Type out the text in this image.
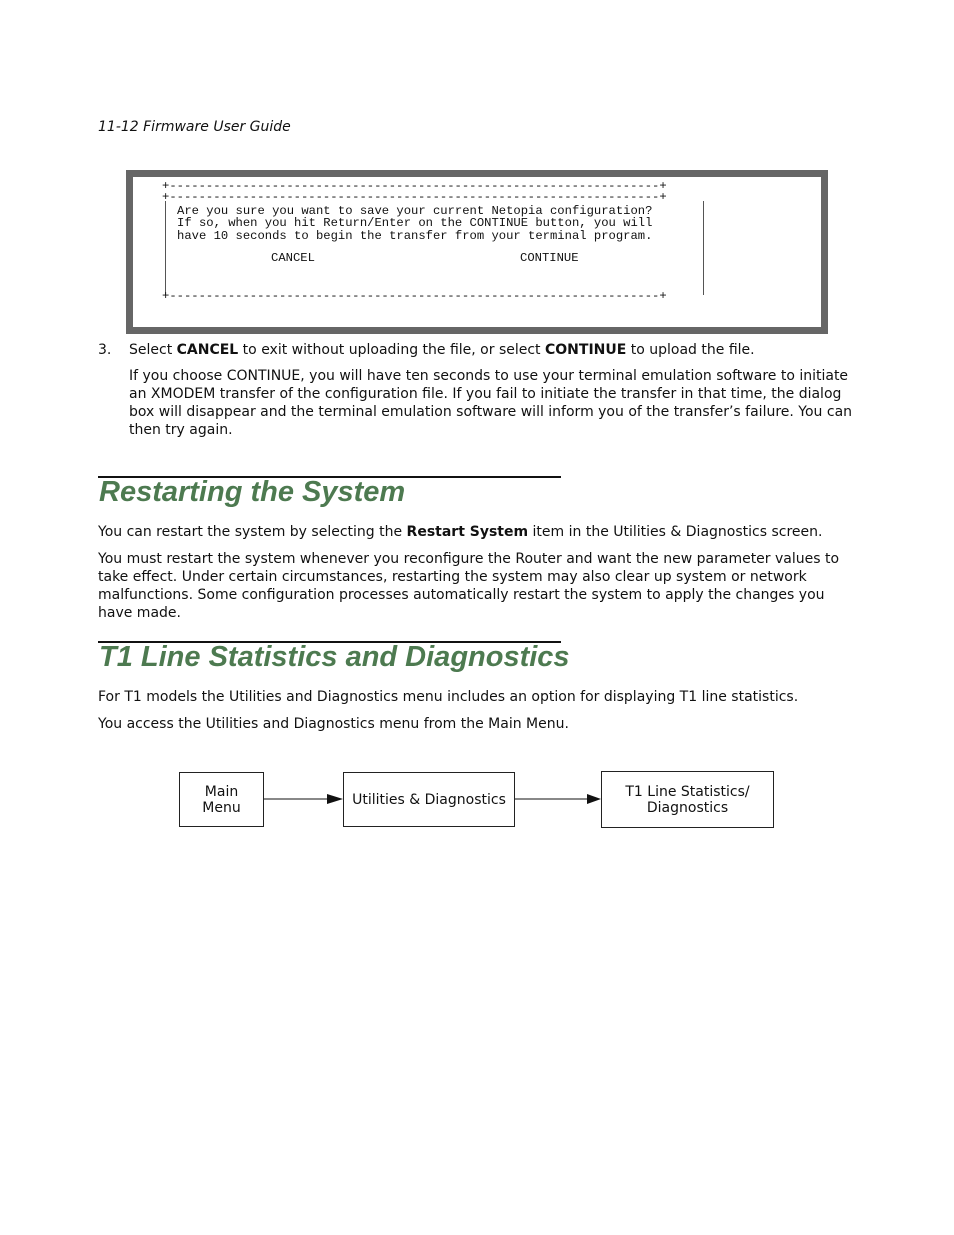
11-12 Firmware User Guide
+-------------------------------------------------------------------+
+-------------------------------------------------------------------+
Are you sure you want to save your current Netopia configuration?
If so, when you hit Return/Enter on the CONTINUE button, you will
have 10 seconds to begin the transfer from your terminal program.
CANCEL	CONTINUE
+-------------------------------------------------------------------+
3. Select CANCEL to exit without uploading the file, or select CONTINUE to upload the file.
If you choose CONTINUE, you will have ten seconds to use your terminal emulation software to initiate an XMODEM transfer of the configuration file. If you fail to initiate the transfer in that time, the dialog box will disappear and the terminal emulation software will inform you of the transfer’s failure. You can then try again.
Restarting the System

You can restart the system by selecting the Restart System item in the Utilities & Diagnostics screen.

You must restart the system whenever you reconfigure the Router and want the new parameter values to take effect. Under certain circumstances, restarting the system may also clear up system or network malfunctions. Some configuration processes automatically restart the system to apply the changes you have made.

T1 Line Statistics and Diagnostics

For T1 models the Utilities and Diagnostics menu includes an option for displaying T1 line statistics.

You access the Utilities and Diagnostics menu from the Main Menu.

Main
Menu	Utilities & Diagnostics	T1 Line Statistics/
Diagnostics
